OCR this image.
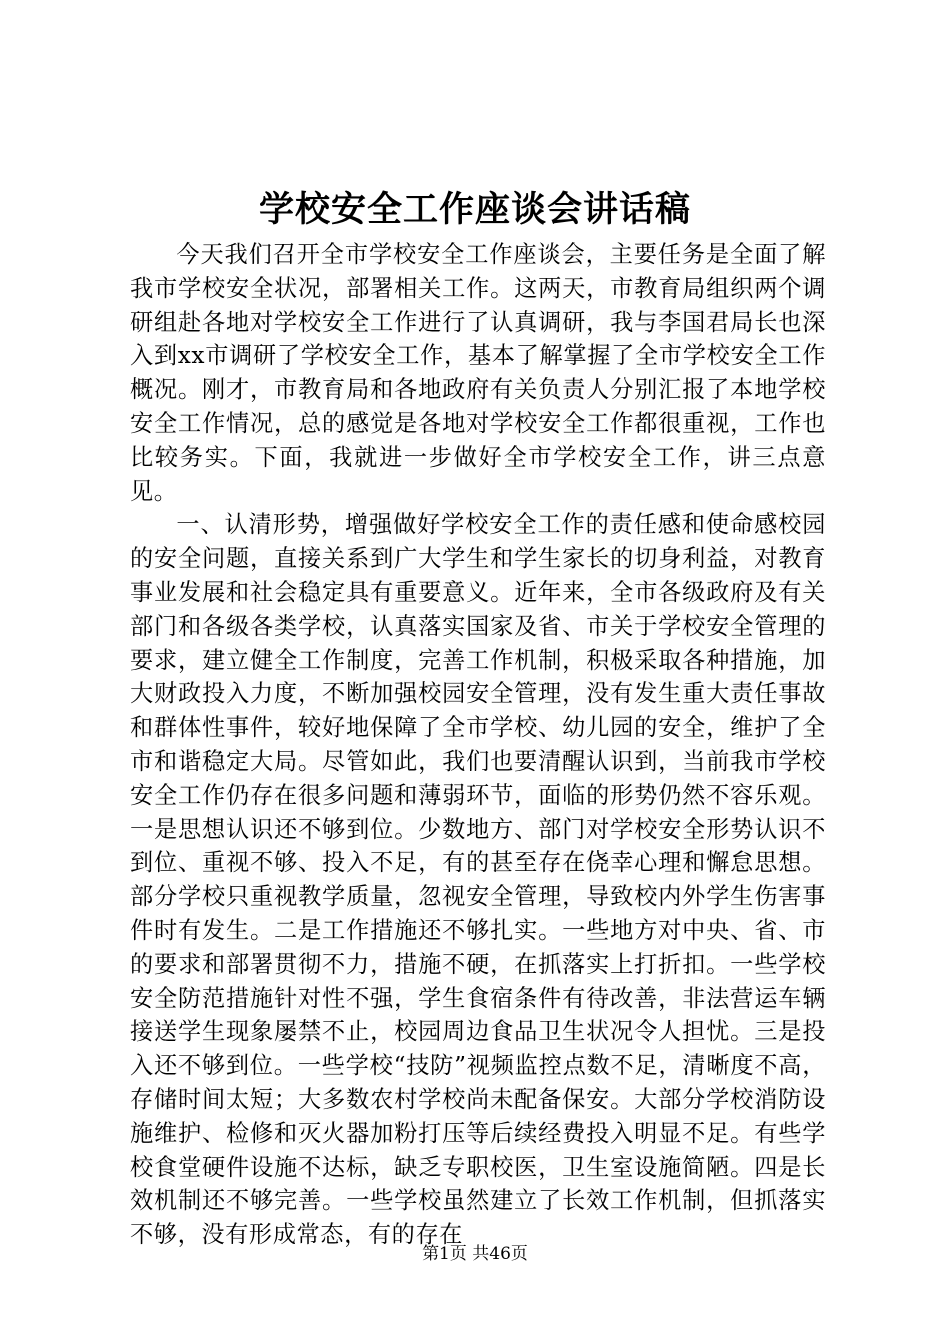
学校安全工作座谈会讲话稿

今天我们召开全市学校安全工作座谈会，主要任务是全面了解我市学校安全状况，部署相关工作。这两天，市教育局组织两个调研组赴各地对学校安全工作进行了认真调研，我与李国君局长也深入到xx市调研了学校安全工作，基本了解掌握了全市学校安全工作概况。刚才，市教育局和各地政府有关负责人分别汇报了本地学校安全工作情况，总的感觉是各地对学校安全工作都很重视，工作也比较务实。下面，我就进一步做好全市学校安全工作，讲三点意见。

一、认清形势，增强做好学校安全工作的责任感和使命感校园的安全问题，直接关系到广大学生和学生家长的切身利益，对教育事业发展和社会稳定具有重要意义。近年来，全市各级政府及有关部门和各级各类学校，认真落实国家及省、市关于学校安全管理的要求，建立健全工作制度，完善工作机制，积极采取各种措施，加大财政投入力度，不断加强校园安全管理，没有发生重大责任事故和群体性事件，较好地保障了全市学校、幼儿园的安全，维护了全市和谐稳定大局。尽管如此，我们也要清醒认识到，当前我市学校安全工作仍存在很多问题和薄弱环节，面临的形势仍然不容乐观。一是思想认识还不够到位。少数地方、部门对学校安全形势认识不到位、重视不够、投入不足，有的甚至存在侥幸心理和懈怠思想。部分学校只重视教学质量，忽视安全管理，导致校内外学生伤害事件时有发生。二是工作措施还不够扎实。一些地方对中央、省、市的要求和部署贯彻不力，措施不硬，在抓落实上打折扣。一些学校安全防范措施针对性不强，学生食宿条件有待改善，非法营运车辆接送学生现象屡禁不止，校园周边食品卫生状况令人担忧。三是投入还不够到位。一些学校“技防”视频监控点数不足，清晰度不高，存储时间太短；大多数农村学校尚未配备保安。大部分学校消防设施维护、检修和灭火器加粉打压等后续经费投入明显不足。有些学校食堂硬件设施不达标，缺乏专职校医，卫生室设施简陋。四是长效机制还不够完善。一些学校虽然建立了长效工作机制，但抓落实不够，没有形成常态，有的存在

第1页 共46页
